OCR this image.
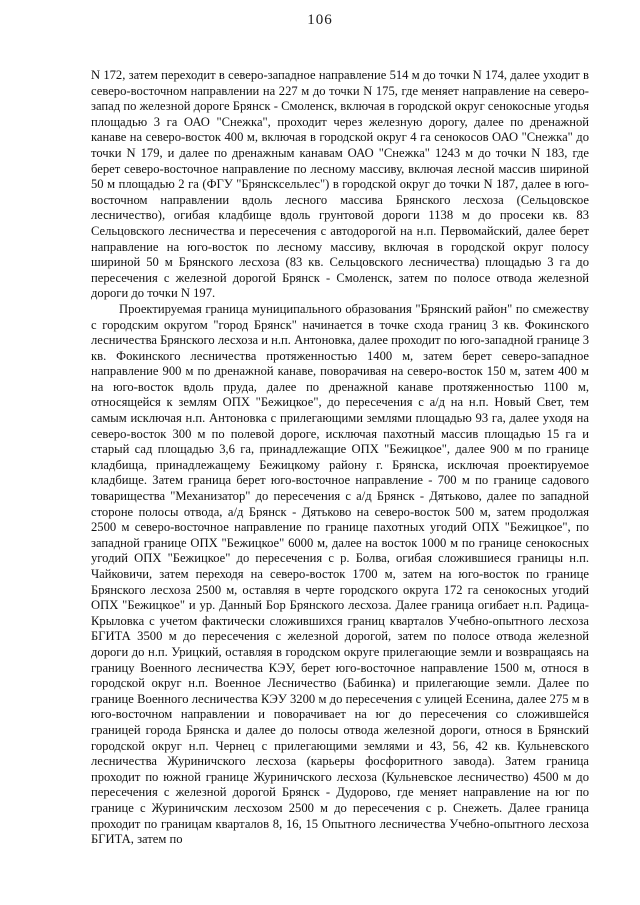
106

N 172, затем переходит в северо-западное направление 514 м до точки N 174, далее уходит в северо-восточном направлении на 227 м до точки N 175, где меняет направление на северо-запад по железной дороге Брянск - Смоленск, включая в городской округ сенокосные угодья площадью 3 га ОАО "Снежка", проходит через железную дорогу, далее по дренажной канаве на северо-восток 400 м, включая в городской округ 4 га сенокосов ОАО "Снежка" до точки N 179, и далее по дренажным канавам ОАО "Снежка" 1243 м до точки N 183, где берет северо-восточное направление по лесному массиву, включая лесной массив шириной 50 м площадью 2 га (ФГУ "Брянсксельлес") в городской округ до точки N 187, далее в юго-восточном направлении вдоль лесного массива Брянского лесхоза (Сельцовское лесничество), огибая кладбище вдоль грунтовой дороги 1138 м до просеки кв. 83 Сельцовского лесничества и пересечения с автодорогой на н.п. Первомайский, далее берет направление на юго-восток по лесному массиву, включая в городской округ полосу шириной 50 м Брянского лесхоза (83 кв. Сельцовского лесничества) площадью 3 га до пересечения с железной дорогой Брянск - Смоленск, затем по полосе отвода железной дороги до точки N 197.

Проектируемая граница муниципального образования "Брянский район" по смежеству с городским округом "город Брянск" начинается в точке схода границ 3 кв. Фокинского лесничества Брянского лесхоза и н.п. Антоновка, далее проходит по юго-западной границе 3 кв. Фокинского лесничества протяженностью 1400 м, затем берет северо-западное направление 900 м по дренажной канаве, поворачивая на северо-восток 150 м, затем 400 м на юго-восток вдоль пруда, далее по дренажной канаве протяженностью 1100 м, относящейся к землям ОПХ "Бежицкое", до пересечения с а/д на н.п. Новый Свет, тем самым исключая н.п. Антоновка с прилегающими землями площадью 93 га, далее уходя на северо-восток 300 м по полевой дороге, исключая пахотный массив площадью 15 га и старый сад площадью 3,6 га, принадлежащие ОПХ "Бежицкое", далее 900 м по границе кладбища, принадлежащему Бежицкому району г. Брянска, исключая проектируемое кладбище. Затем граница берет юго-восточное направление - 700 м по границе садового товарищества "Механизатор" до пересечения с а/д Брянск - Дятьково, далее по западной стороне полосы отвода, а/д Брянск - Дятьково на северо-восток 500 м, затем продолжая 2500 м северо-восточное направление по границе пахотных угодий ОПХ "Бежицкое", по западной границе ОПХ "Бежицкое" 6000 м, далее на восток 1000 м по границе сенокосных угодий ОПХ "Бежицкое" до пересечения с р. Болва, огибая сложившиеся границы н.п. Чайковичи, затем переходя на северо-восток 1700 м, затем на юго-восток по границе Брянского лесхоза 2500 м, оставляя в черте городского округа 172 га сенокосных угодий ОПХ "Бежицкое" и ур. Данный Бор Брянского лесхоза. Далее граница огибает н.п. Радица-Крыловка с учетом фактически сложившихся границ кварталов Учебно-опытного лесхоза БГИТА 3500 м до пересечения с железной дорогой, затем по полосе отвода железной дороги до н.п. Урицкий, оставляя в городском округе прилегающие земли и возвращаясь на границу Военного лесничества КЭУ, берет юго-восточное направление 1500 м, относя в городской округ н.п. Военное Лесничество (Бабинка) и прилегающие земли. Далее по границе Военного лесничества КЭУ 3200 м до пересечения с улицей Есенина, далее 275 м в юго-восточном направлении и поворачивает на юг до пересечения со сложившейся границей города Брянска и далее до полосы отвода железной дороги, относя в Брянский городской округ н.п. Чернец с прилегающими землями и 43, 56, 42 кв. Кульневского лесничества Журиничского лесхоза (карьеры фосфоритного завода). Затем граница проходит по южной границе Журиничского лесхоза (Кульневское лесничество) 4500 м до пересечения с железной дорогой Брянск - Дудорово, где меняет направление на юг по границе с Журиничским лесхозом 2500 м до пересечения с р. Снежеть. Далее граница проходит по границам кварталов 8, 16, 15 Опытного лесничества Учебно-опытного лесхоза БГИТА, затем по
